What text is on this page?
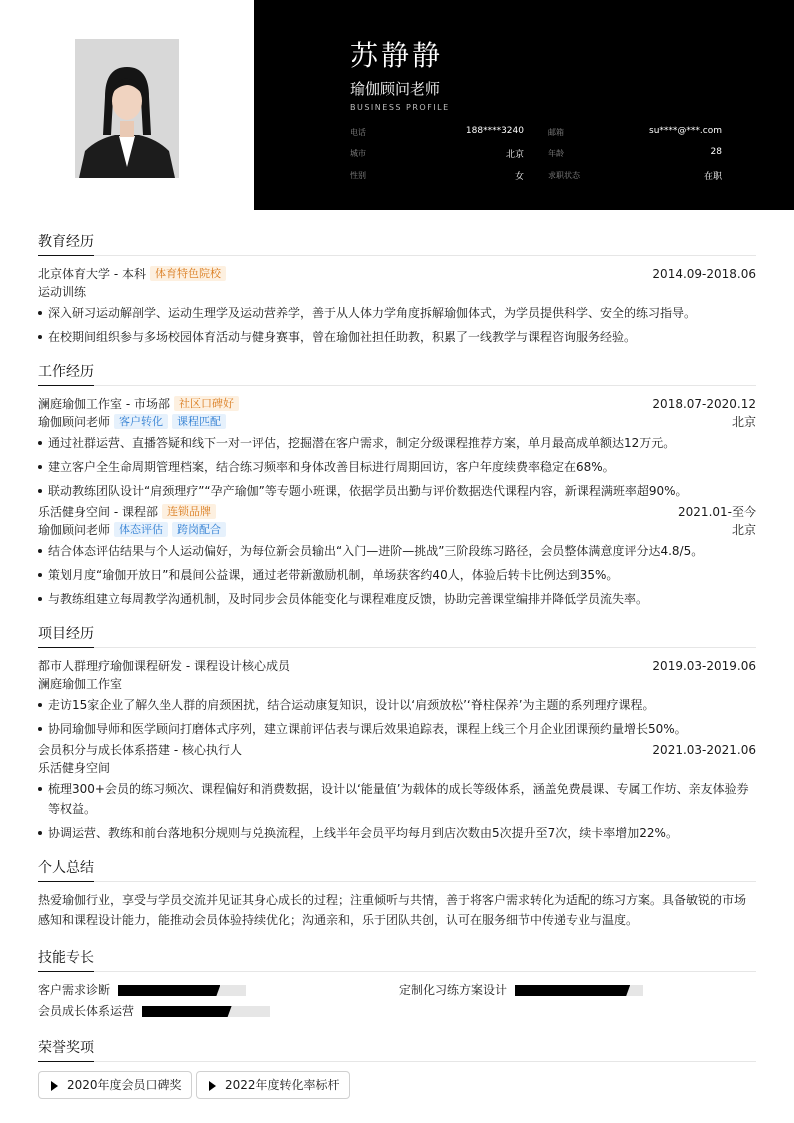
苏静静
瑜伽顾问老师
BUSINESS PROFILE
电话	188****3240	邮箱	su****@***.com
城市	北京	年龄	28
性别	女	求职状态	在职
教育经历
北京体育大学 - 本科 体育特色院校	2014.09-2018.06
运动训练
深入研习运动解剖学、运动生理学及运动营养学，善于从人体力学角度拆解瑜伽体式，为学员提供科学、安全的练习指导。
在校期间组织参与多场校园体育活动与健身赛事，曾在瑜伽社担任助教，积累了一线教学与课程咨询服务经验。
工作经历
澜庭瑜伽工作室 - 市场部 社区口碑好	2018.07-2020.12
瑜伽顾问老师 客户转化 课程匹配	北京
通过社群运营、直播答疑和线下一对一评估，挖掘潜在客户需求，制定分级课程推荐方案，单月最高成单额达12万元。
建立客户全生命周期管理档案，结合练习频率和身体改善目标进行周期回访，客户年度续费率稳定在68%。
联动教练团队设计“肩颈理疗”“孕产瑜伽”等专题小班课，依据学员出勤与评价数据迭代课程内容，新课程满班率超90%。
乐活健身空间 - 课程部 连锁品牌	2021.01-至今
瑜伽顾问老师 体态评估 跨岗配合	北京
结合体态评估结果与个人运动偏好，为每位新会员输出“入门—进阶—挑战”三阶段练习路径，会员整体满意度评分达4.8/5。
策划月度“瑜伽开放日”和晨间公益课，通过老带新激励机制，单场获客约40人，体验后转卡比例达到35%。
与教练组建立每周教学沟通机制，及时同步会员体能变化与课程难度反馈，协助完善课堂编排并降低学员流失率。
项目经历
都市人群理疗瑜伽课程研发 - 课程设计核心成员	2019.03-2019.06
澜庭瑜伽工作室
走访15家企业了解久坐人群的肩颈困扰，结合运动康复知识，设计以‘肩颈放松’‘脊柱保养’为主题的系列理疗课程。
协同瑜伽导师和医学顾问打磨体式序列，建立课前评估表与课后效果追踪表，课程上线三个月企业团课预约量增长50%。
会员积分与成长体系搭建 - 核心执行人	2021.03-2021.06
乐活健身空间
梳理300+会员的练习频次、课程偏好和消费数据，设计以‘能量值’为载体的成长等级体系，涵盖免费晨课、专属工作坊、亲友体验券等权益。
协调运营、教练和前台落地积分规则与兑换流程，上线半年会员平均每月到店次数由5次提升至7次，续卡率增加22%。
个人总结
热爱瑜伽行业，享受与学员交流并见证其身心成长的过程；注重倾听与共情，善于将客户需求转化为适配的练习方案。具备敏锐的市场感知和课程设计能力，能推动会员体验持续优化；沟通亲和，乐于团队共创，认可在服务细节中传递专业与温度。
技能专长
客户需求诊断	定制化习练方案设计
会员成长体系运营
荣誉奖项
2020年度会员口碑奖	2022年度转化率标杆
